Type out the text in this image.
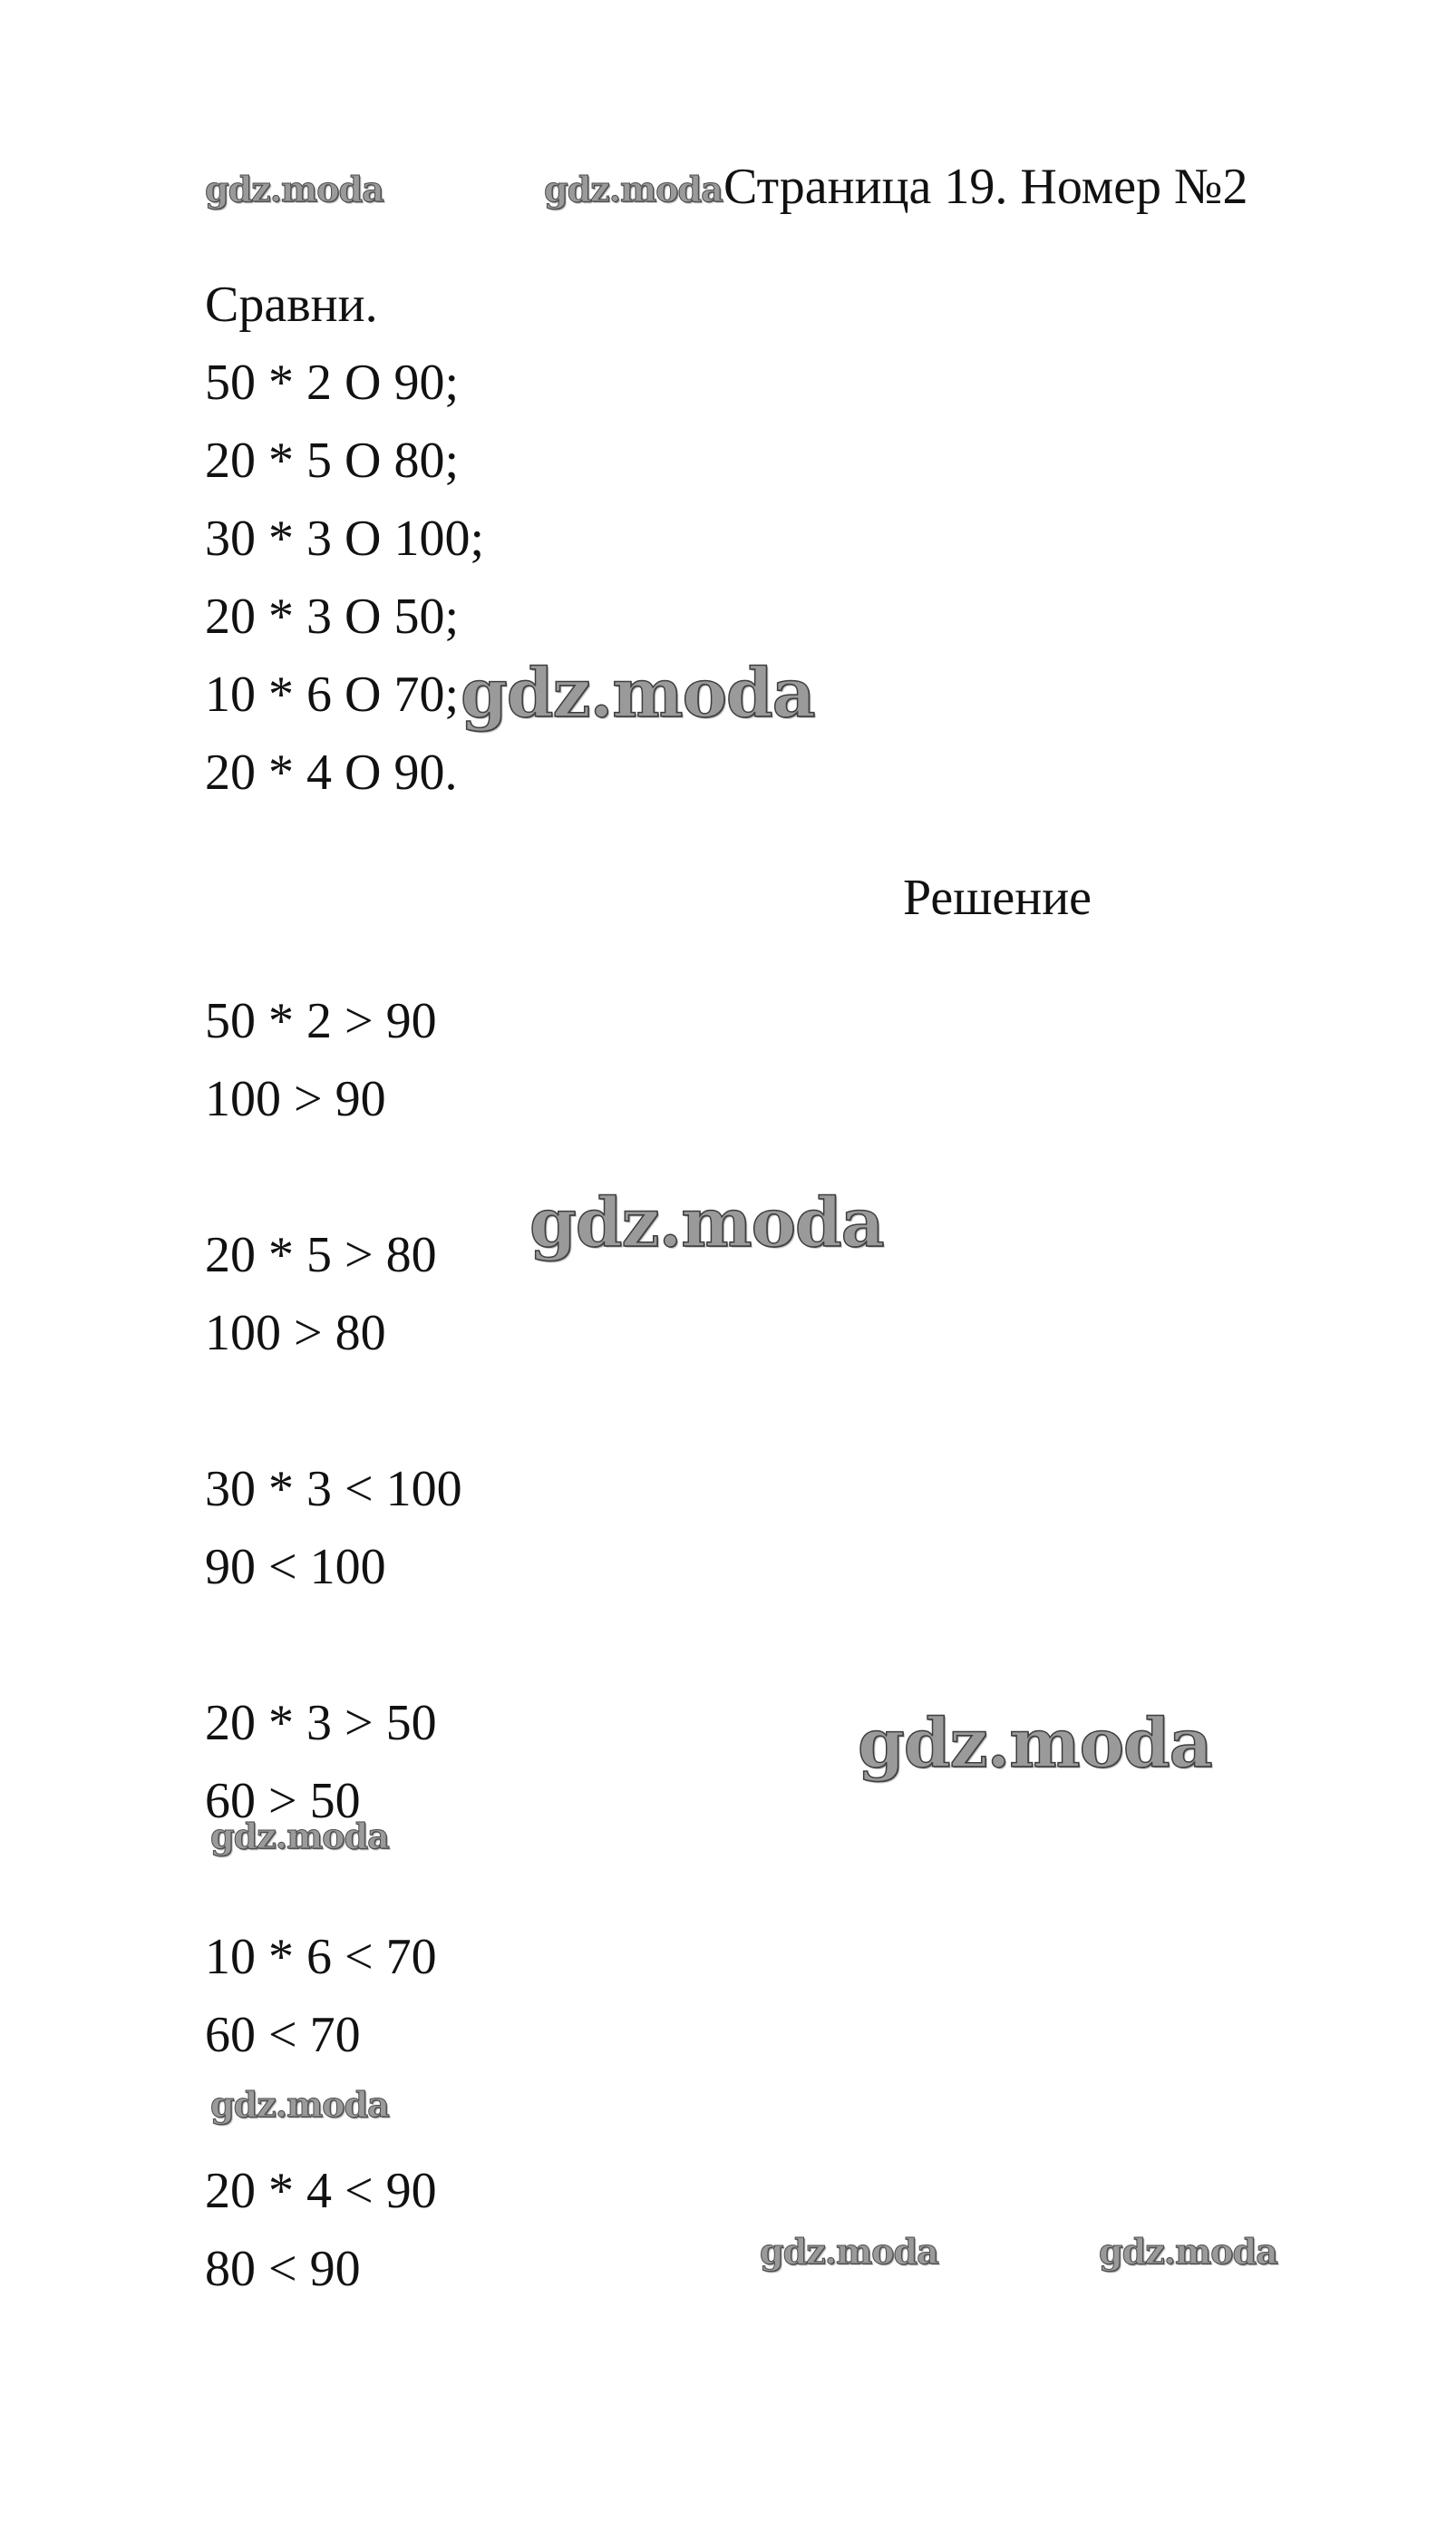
gdz.moda	gdz.moda Страница 19. Номер №2
Сравни.
50 * 2 O 90;
20 * 5 O 80;
30 * 3 O 100;
20 * 3 O 50;
10 * 6 O 70;
20 * 4 O 90.
gdz.moda
Решение
50 * 2 > 90
100 > 90
gdz.moda
20 * 5 > 80
100 > 80
30 * 3 < 100
90 < 100
20 * 3 > 50
60 > 50
gdz.moda
gdz.moda
10 * 6 < 70
60 < 70
gdz.moda
20 * 4 < 90
80 < 90	gdz.moda	gdz.moda
